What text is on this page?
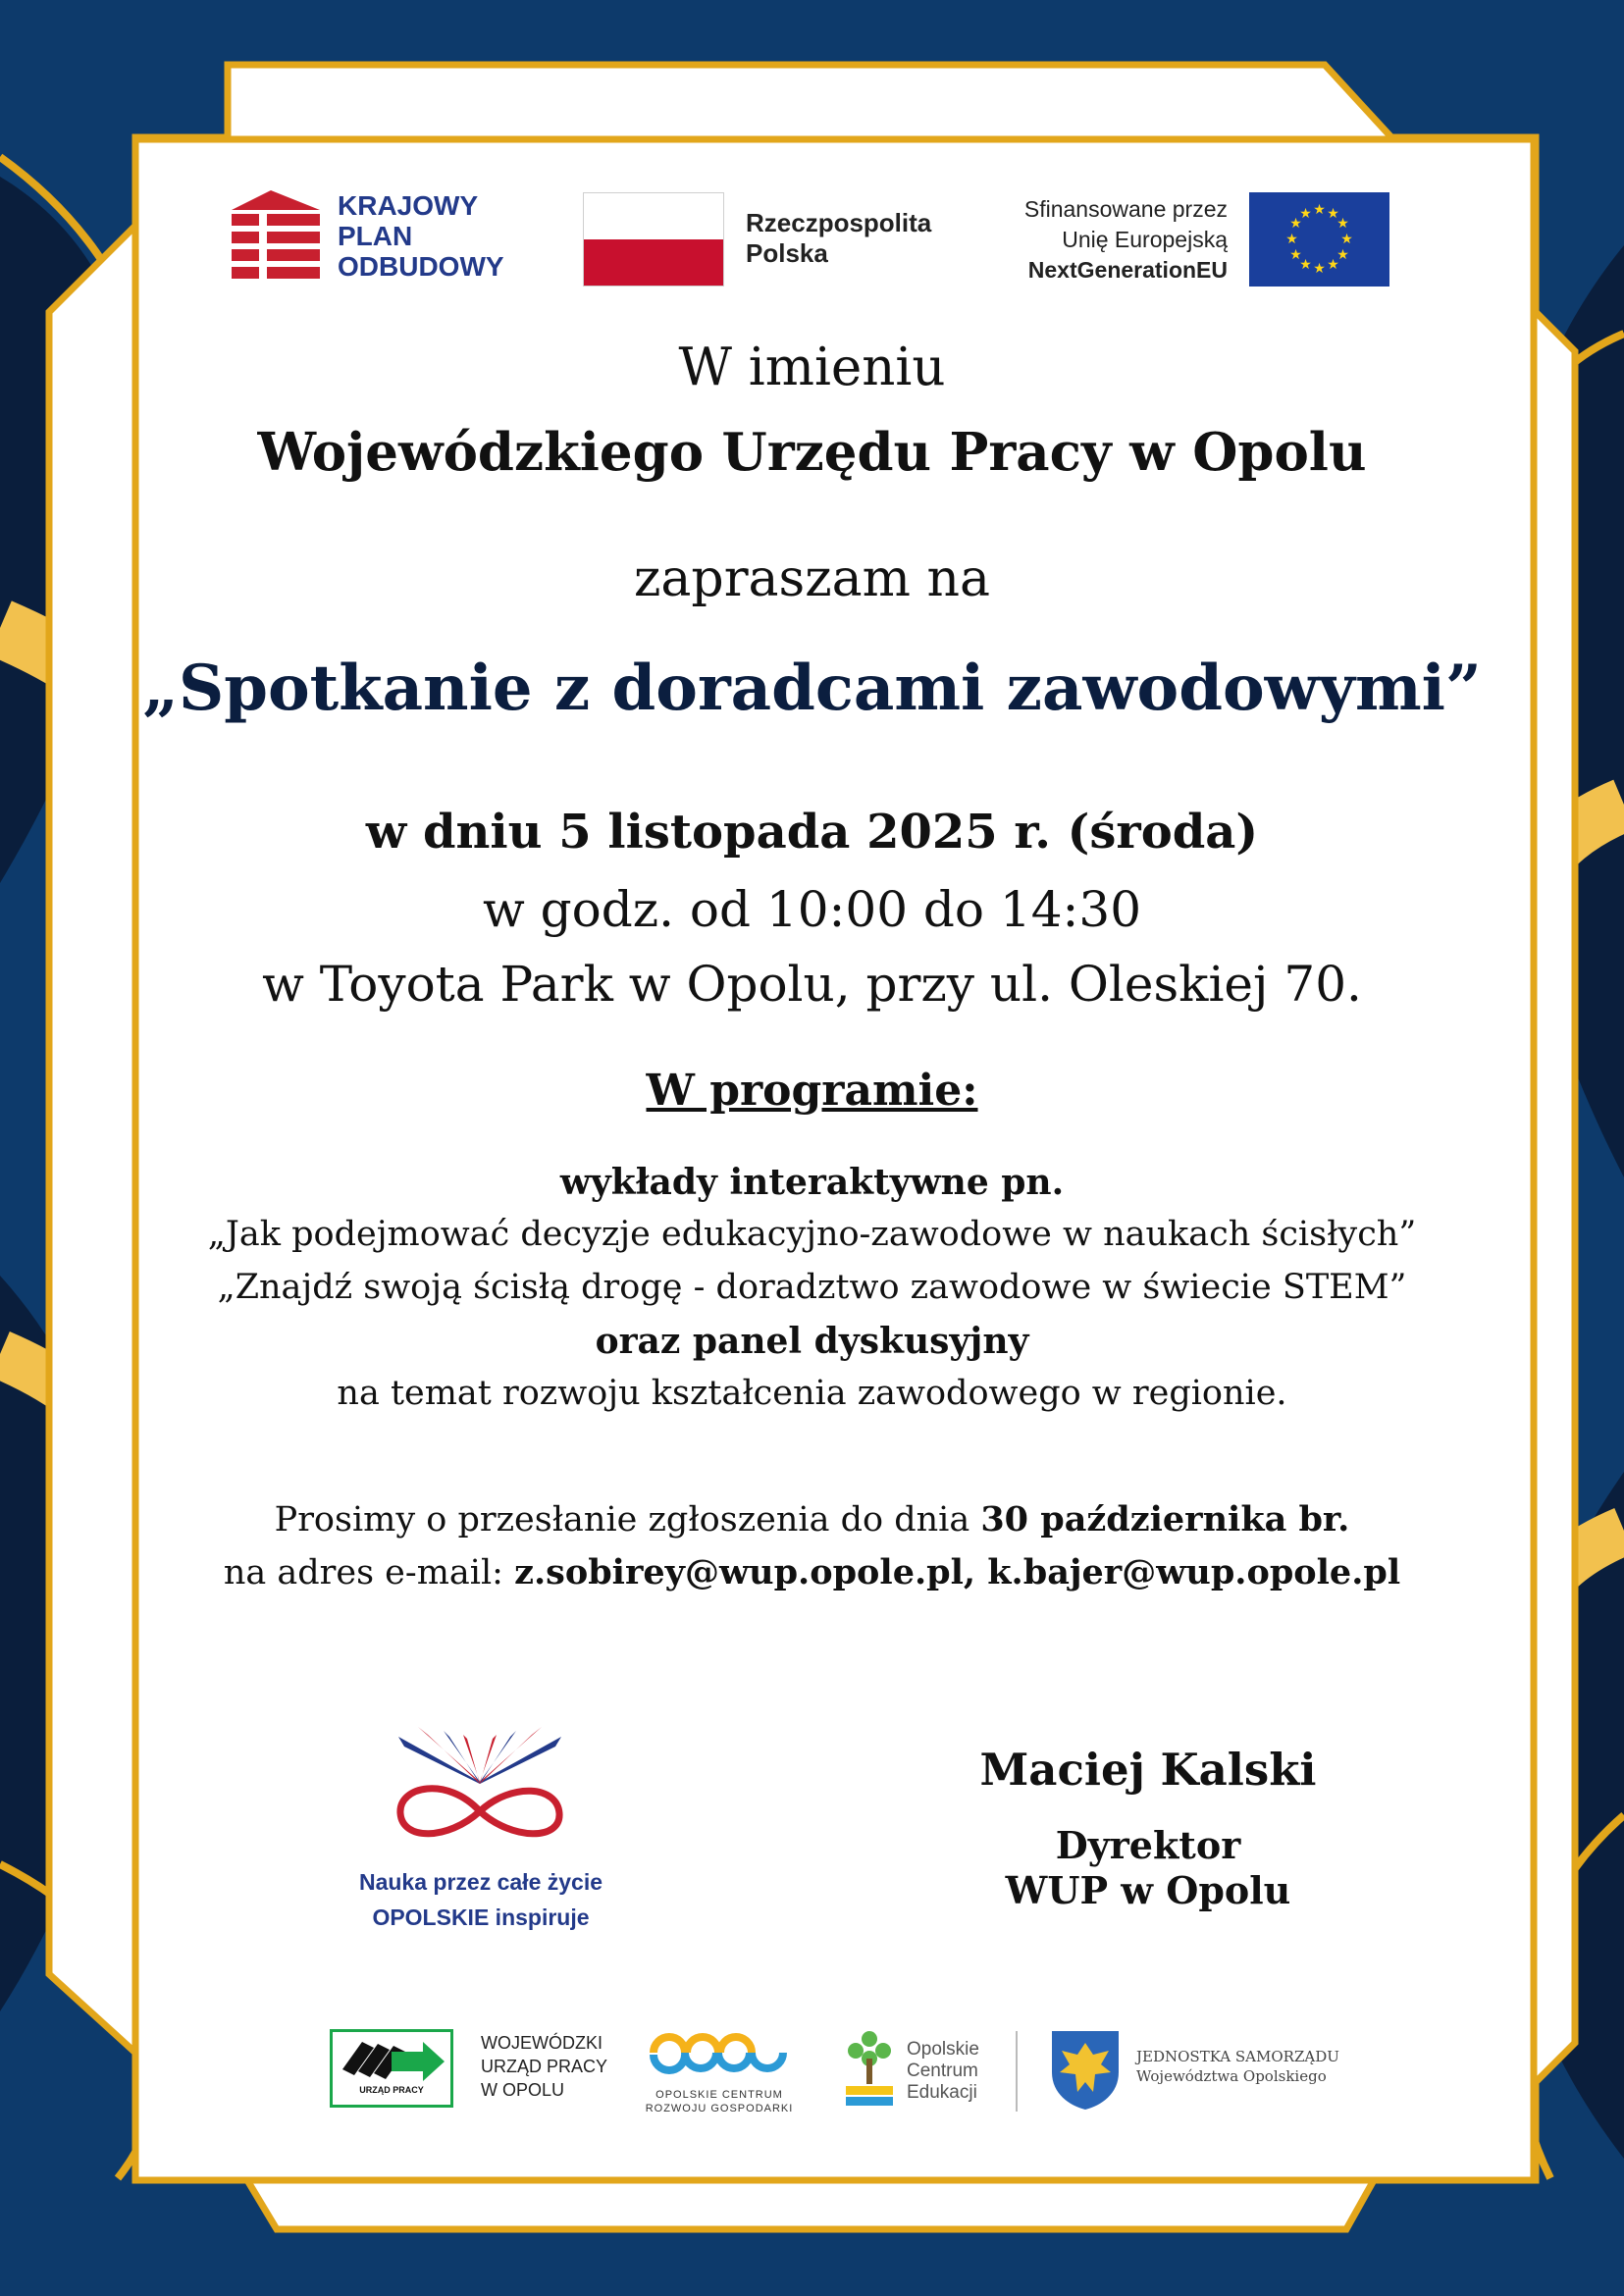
KRAJOWY
PLAN
ODBUDOWY
Rzeczpospolita
Polska
Sfinansowane przez
Unię Europejską
NextGenerationEU
★ ★
★
★
★
★
★
★
★
★
★
★
W imieniu
Wojewódzkiego Urzędu Pracy w Opolu
zapraszam na
„Spotkanie z doradcami zawodowymi”
w dniu 5 listopada 2025 r. (środa)
w godz. od 10:00 do 14:30
w Toyota Park w Opolu, przy ul. Oleskiej 70.
W programie:
wykłady interaktywne pn.
„Jak podejmować decyzje edukacyjno-zawodowe w naukach ścisłych”
„Znajdź swoją ścisłą drogę - doradztwo zawodowe w świecie STEM”
oraz panel dyskusyjny
na temat rozwoju kształcenia zawodowego w regionie.
Prosimy o przesłanie zgłoszenia do dnia 30 października br.
na adres e-mail: z.sobirey@wup.opole.pl, k.bajer@wup.opole.pl
Nauka przez całe życie
OPOLSKIE inspiruje
Maciej Kalski
Dyrektor
WUP w Opolu
URZĄD PRACY
WOJEWÓDZKI
URZĄD PRACY
W OPOLU	OPOLSKIE CENTRUM
ROZWOJU GOSPODARKI
Opolskie
Centrum
Edukacji
JEDNOSTKA SAMORZĄDU
Województwa Opolskiego
